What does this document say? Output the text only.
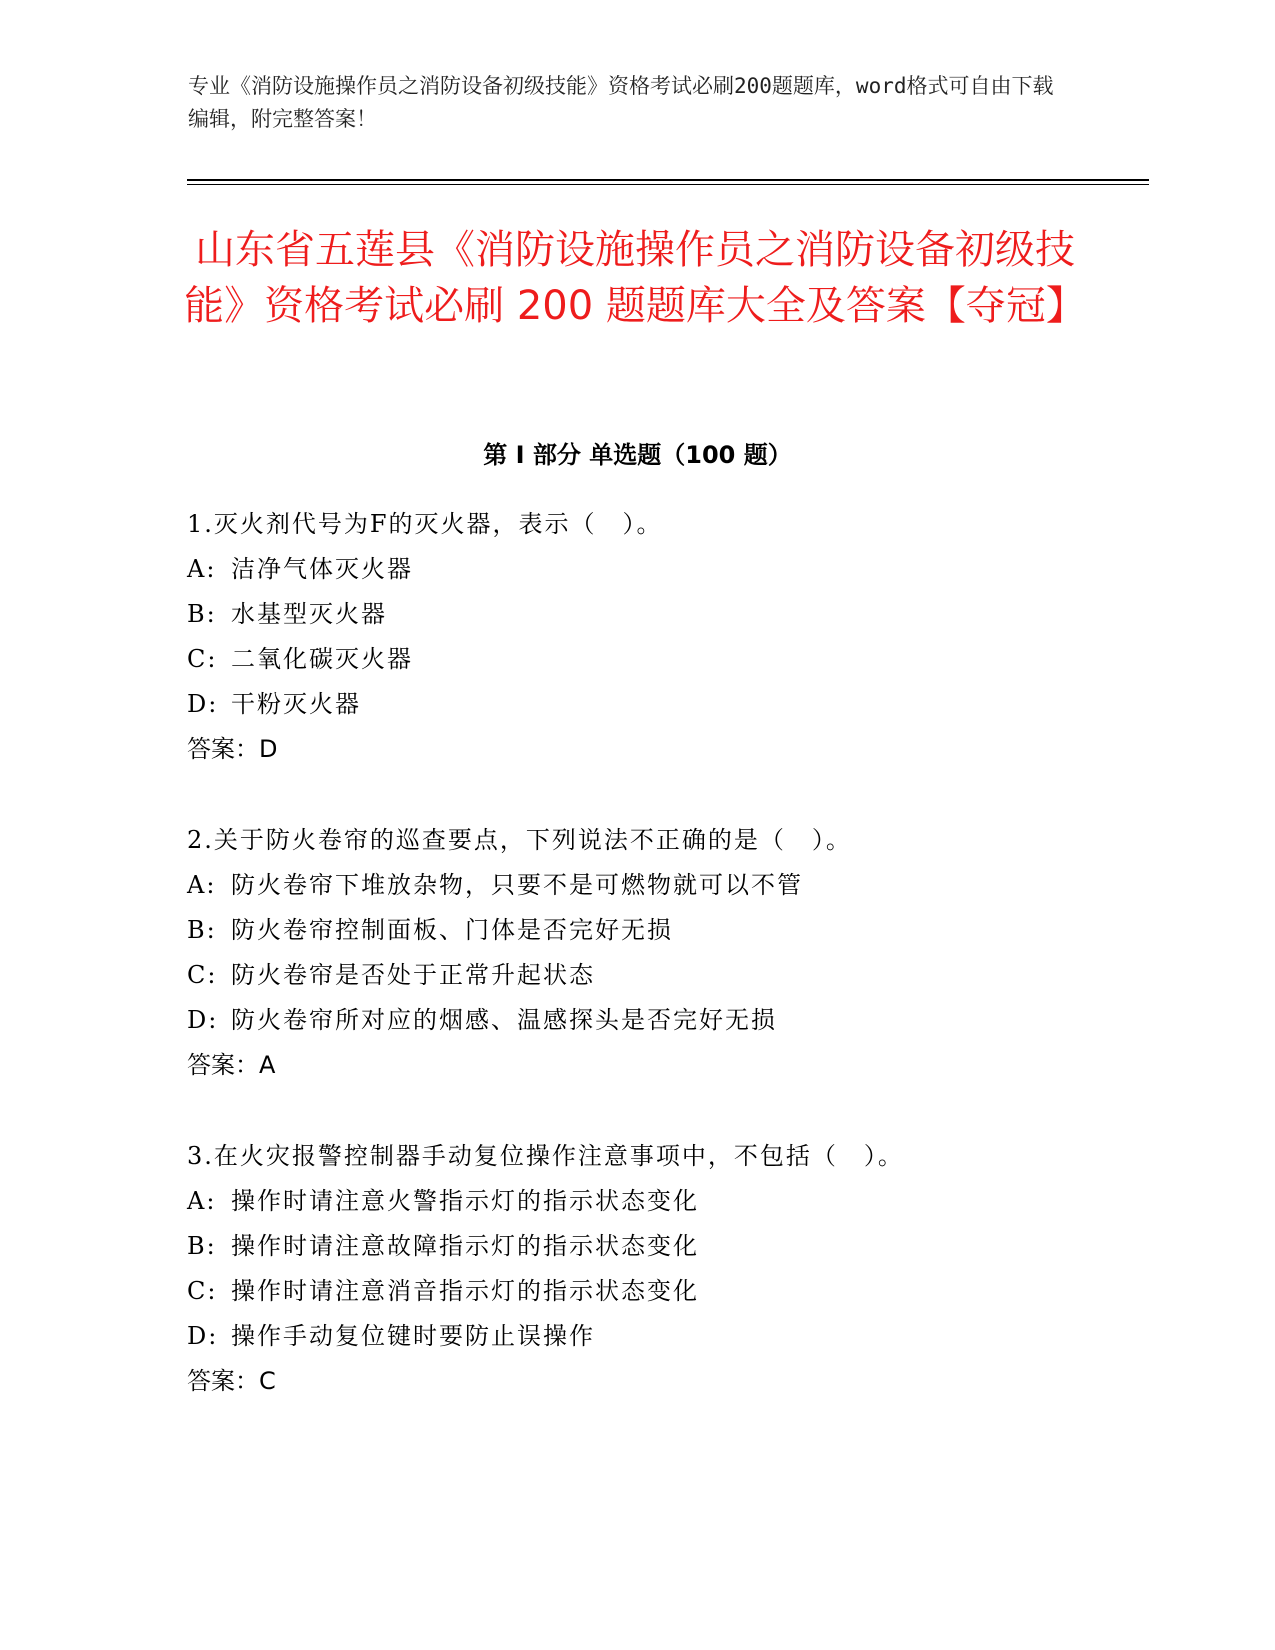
专业《消防设施操作员之消防设备初级技能》资格考试必刷200题题库，word格式可自由下载编辑，附完整答案！

山东省五莲县《消防设施操作员之消防设备初级技能》资格考试必刷 200 题题库大全及答案【夺冠】
第 I 部分 单选题（100 题）
1.灭火剂代号为F的灭火器，表示（　）。
A: 洁净气体灭火器
B: 水基型灭火器
C: 二氧化碳灭火器
D: 干粉灭火器
答案：D
2.关于防火卷帘的巡查要点，下列说法不正确的是（　）。
A: 防火卷帘下堆放杂物，只要不是可燃物就可以不管
B: 防火卷帘控制面板、门体是否完好无损
C: 防火卷帘是否处于正常升起状态
D: 防火卷帘所对应的烟感、温感探头是否完好无损
答案：A
3.在火灾报警控制器手动复位操作注意事项中，不包括（　）。
A: 操作时请注意火警指示灯的指示状态变化
B: 操作时请注意故障指示灯的指示状态变化
C: 操作时请注意消音指示灯的指示状态变化
D: 操作手动复位键时要防止误操作
答案：C
